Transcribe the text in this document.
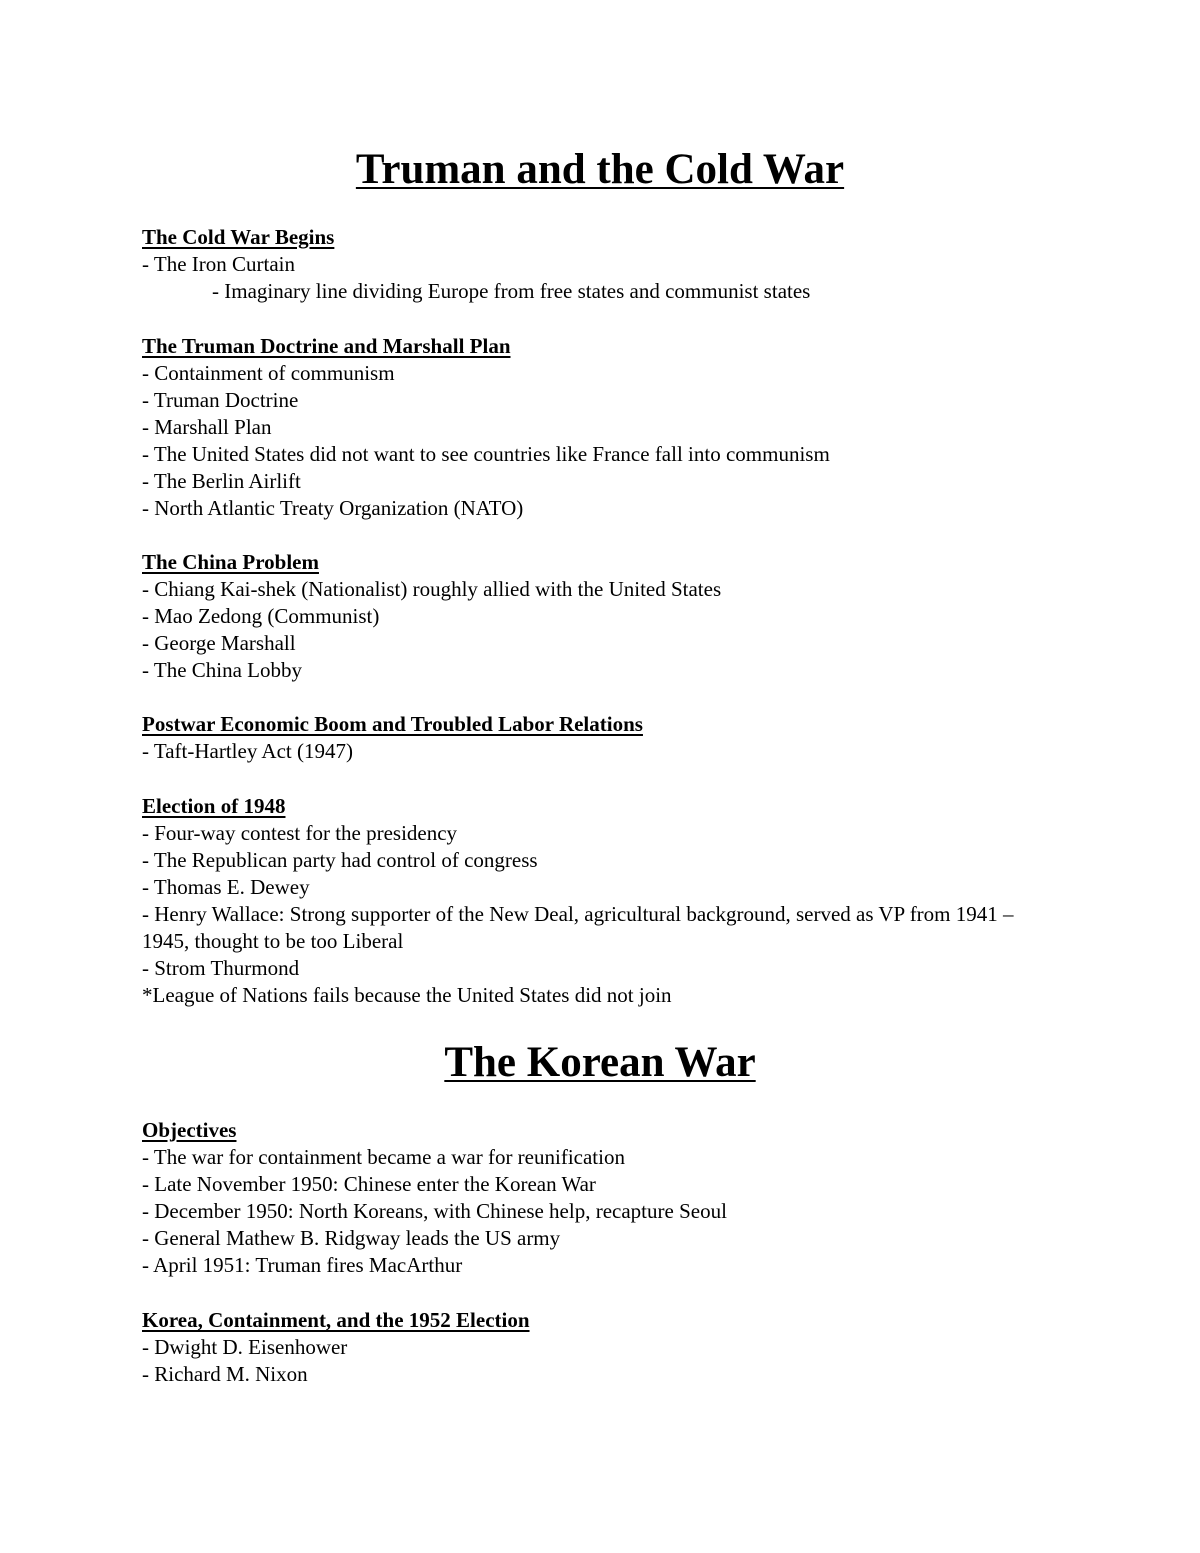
Truman and the Cold War
The Cold War Begins
- The Iron Curtain
- Imaginary line dividing Europe from free states and communist states
The Truman Doctrine and Marshall Plan
- Containment of communism
- Truman Doctrine
- Marshall Plan
- The United States did not want to see countries like France fall into communism
- The Berlin Airlift
- North Atlantic Treaty Organization (NATO)
The China Problem
- Chiang Kai-shek (Nationalist) roughly allied with the United States
- Mao Zedong (Communist)
- George Marshall
- The China Lobby
Postwar Economic Boom and Troubled Labor Relations
- Taft-Hartley Act (1947)
Election of 1948
- Four-way contest for the presidency
- The Republican party had control of congress
- Thomas E. Dewey
- Henry Wallace: Strong supporter of the New Deal, agricultural background, served as VP from 1941 – 1945, thought to be too Liberal
- Strom Thurmond
*League of Nations fails because the United States did not join
The Korean War
Objectives
- The war for containment became a war for reunification
- Late November 1950: Chinese enter the Korean War
- December 1950: North Koreans, with Chinese help, recapture Seoul
- General Mathew B. Ridgway leads the US army
- April 1951: Truman fires MacArthur
Korea, Containment, and the 1952 Election
- Dwight D. Eisenhower
- Richard M. Nixon
